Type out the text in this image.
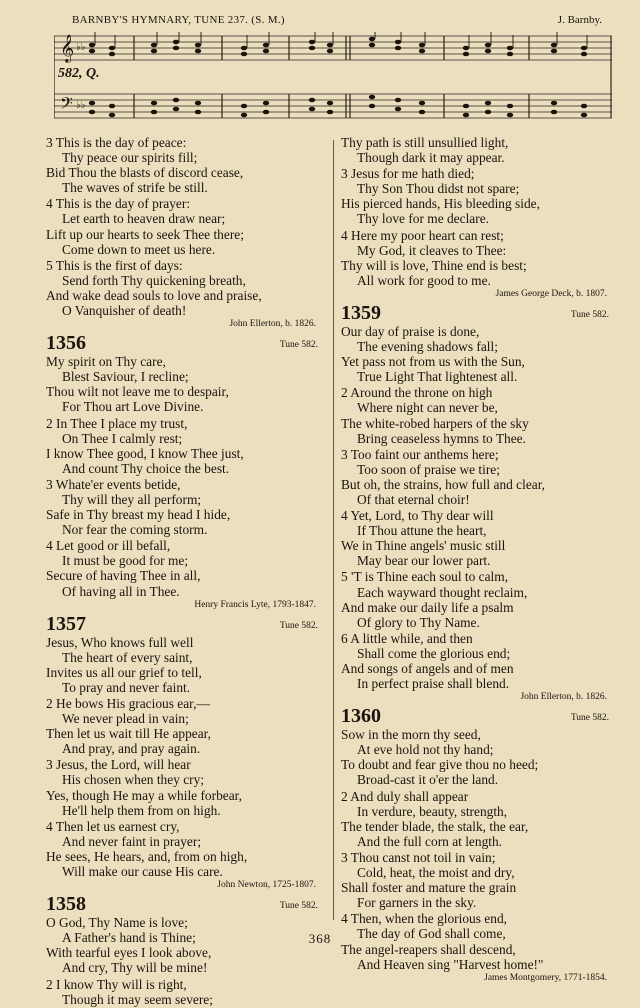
BARNBY'S HYMNARY, TUNE 237. (S. M.)	J. Barnby.
𝄞
𝄢
♭♭
♭♭
582, Q.
3 This is the day of peace:
Thy peace our spirits fill;
Bid Thou the blasts of discord cease,
The waves of strife be still.
4 This is the day of prayer:
Let earth to heaven draw near;
Lift up our hearts to seek Thee there;
Come down to meet us here.
5 This is the first of days:
Send forth Thy quickening breath,
And wake dead souls to love and praise,
O Vanquisher of death!
John Ellerton, b. 1826.
1356	Tune 582.
My spirit on Thy care,
Blest Saviour, I recline;
Thou wilt not leave me to despair,
For Thou art Love Divine.
2 In Thee I place my trust,
On Thee I calmly rest;
I know Thee good, I know Thee just,
And count Thy choice the best.
3 Whate'er events betide,
Thy will they all perform;
Safe in Thy breast my head I hide,
Nor fear the coming storm.
4 Let good or ill befall,
It must be good for me;
Secure of having Thee in all,
Of having all in Thee.
Henry Francis Lyte, 1793-1847.
1357	Tune 582.
Jesus, Who knows full well
The heart of every saint,
Invites us all our grief to tell,
To pray and never faint.
2 He bows His gracious ear,—
We never plead in vain;
Then let us wait till He appear,
And pray, and pray again.
3 Jesus, the Lord, will hear
His chosen when they cry;
Yes, though He may a while forbear,
He'll help them from on high.
4 Then let us earnest cry,
And never faint in prayer;
He sees, He hears, and, from on high,
Will make our cause His care.
John Newton, 1725-1807.
1358	Tune 582.
O God, Thy Name is love;
A Father's hand is Thine;
With tearful eyes I look above,
And cry, Thy will be mine!
2 I know Thy will is right,
Though it may seem severe;
Thy path is still unsullied light,
Though dark it may appear.
3 Jesus for me hath died;
Thy Son Thou didst not spare;
His pierced hands, His bleeding side,
Thy love for me declare.
4 Here my poor heart can rest;
My God, it cleaves to Thee:
Thy will is love, Thine end is best;
All work for good to me.
James George Deck, b. 1807.
1359	Tune 582.
Our day of praise is done,
The evening shadows fall;
Yet pass not from us with the Sun,
True Light That lightenest all.
2 Around the throne on high
Where night can never be,
The white-robed harpers of the sky
Bring ceaseless hymns to Thee.
3 Too faint our anthems here;
Too soon of praise we tire;
But oh, the strains, how full and clear,
Of that eternal choir!
4 Yet, Lord, to Thy dear will
If Thou attune the heart,
We in Thine angels' music still
May bear our lower part.
5 'T is Thine each soul to calm,
Each wayward thought reclaim,
And make our daily life a psalm
Of glory to Thy Name.
6 A little while, and then
Shall come the glorious end;
And songs of angels and of men
In perfect praise shall blend.
John Ellerton, b. 1826.
1360	Tune 582.
Sow in the morn thy seed,
At eve hold not thy hand;
To doubt and fear give thou no heed;
Broad-cast it o'er the land.
2 And duly shall appear
In verdure, beauty, strength,
The tender blade, the stalk, the ear,
And the full corn at length.
3 Thou canst not toil in vain;
Cold, heat, the moist and dry,
Shall foster and mature the grain
For garners in the sky.
4 Then, when the glorious end,
The day of God shall come,
The angel-reapers shall descend,
And Heaven sing "Harvest home!"
James Montgomery, 1771-1854.
368
